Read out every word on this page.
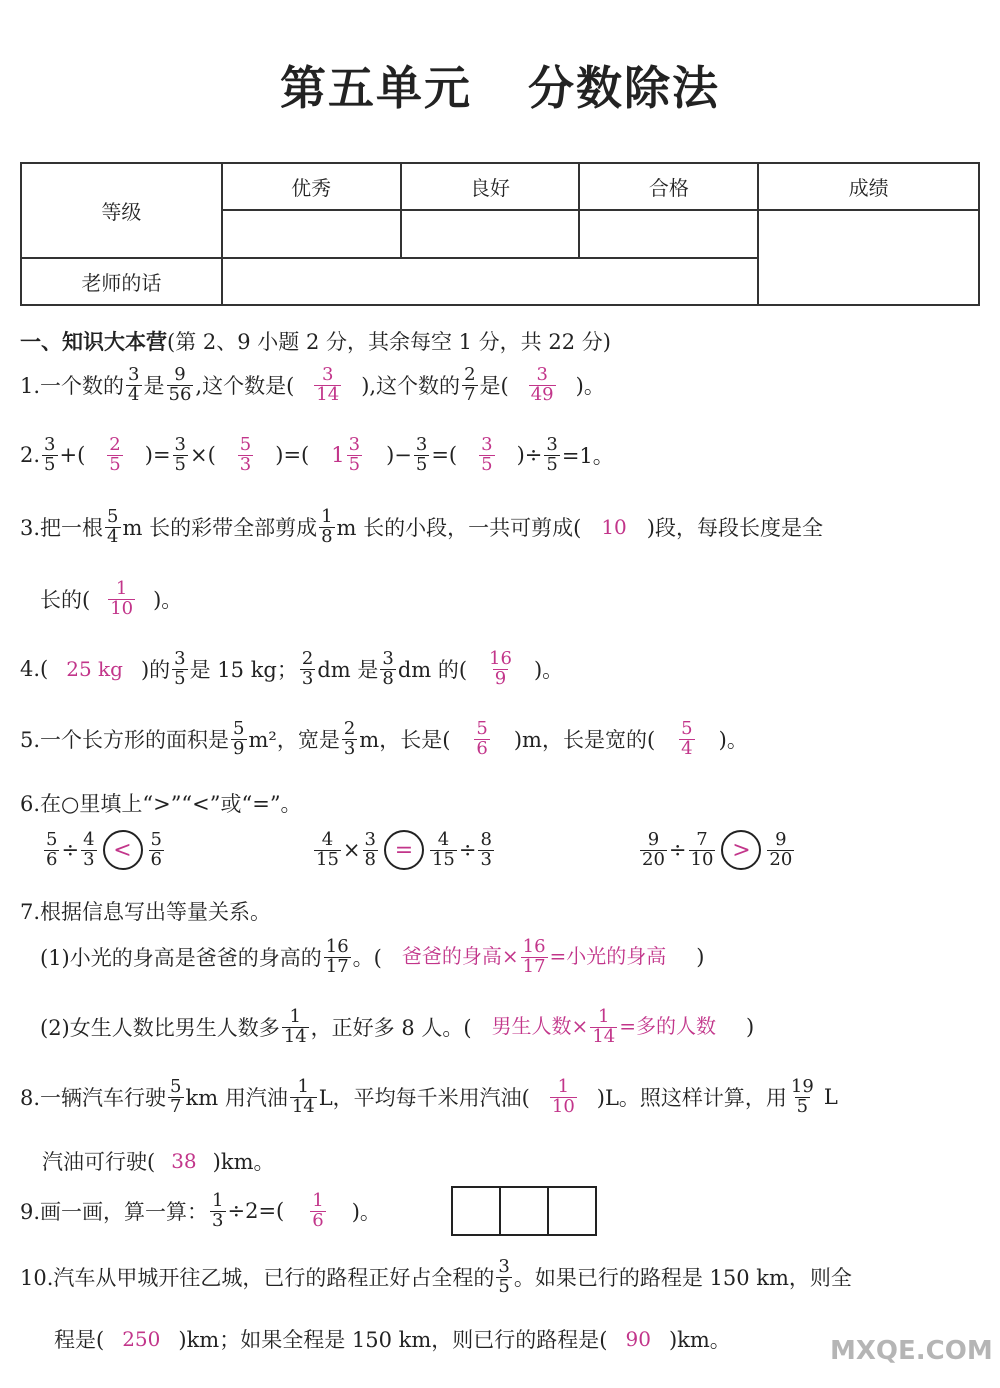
第五单元 分数除法
等级	优秀	良好	合格	成绩

老师的话				
一、知识大本营 (第 2、9 小题 2 分，其余每空 1 分，共 22 分)
1.一个数的 $\frac{3}{4}$ 是 $\frac{9}{56}$ ,这个数是( $\frac{3}{14}$ ),这个数的 $\frac{2}{7}$ 是( $\frac{3}{49}$ )。
2. $\frac{3}{5}$ +( $\frac{2}{5}$ )= $\frac{3}{5}$ ×( $\frac{5}{3}$ )=( $1 \frac{3}{5}$ )− $\frac{3}{5}$ =( $\frac{3}{5}$ )÷ $\frac{3}{5} =1$。
3.把一根 $\frac{5}{4}$ m 长的彩带全部剪成 $\frac{1}{8}$ m 长的小段，一共可剪成( 10 )段，每段长度是全
长的( $\frac{1}{10}$ )。
4.( 25 kg )的 $\frac{3}{5}$ 是 15 kg； $\frac{2}{3}$ dm 是 $\frac{3}{8}$ dm 的( $\frac{16}{9}$ )。
5.一个长方形的面积是 $\frac{5}{9} m^2$，宽是 $\frac{2}{3}$ m，长是( $\frac{5}{6} )m$，长是宽的( $\frac{5}{4}$ )。
6.在○里填上“>”“<”或“=”。
$\frac{5}{6} \div \frac{4}{3} < \frac{5}{6}$	$\frac{4}{15} \times \frac{3}{8} = \frac{4}{15} \div \frac{8}{3}$	$\frac{9}{20} \div \frac{7}{10} > \frac{9}{20}$
7.根据信息写出等量关系。
(1)小光的身高是爸爸的身高的 $\frac{16}{17}$ 。( 爸爸的身高× $\frac{16}{17}$ =小光的身高 )
(2)女生人数比男生人数多 $\frac{1}{14}$ ，正好多 8 人。( 男生人数× $\frac{1}{14}$ =多的人数 )
8.一辆汽车行驶 $\frac{5}{7}$ km 用汽油 $\frac{1}{14}$ L，平均每千米用汽油( $\frac{1}{10} )L$。照这样计算，用 $\frac{19}{5}$ L
汽油可行驶( 38 )km。
9.画一画，算一算： $\frac{1}{3} \div 2=( \frac{1}{6}$ )。
10.汽车从甲城开往乙城，已行的路程正好占全程的 $\frac{3}{5}$ 。如果已行的路程是 150 km，则全
程是( 250 )km；如果全程是 150 km，则已行的路程是( 90 )km。	MXQE.COM
